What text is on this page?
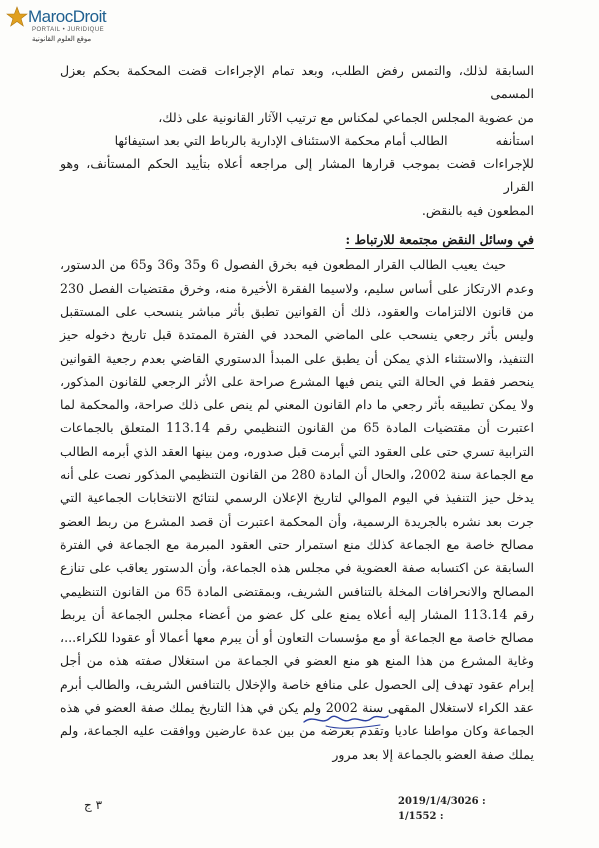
MarocDroit
PORTAIL • JURIDIQUE
موقع العلوم القانونية

السابقة لذلك، والتمس رفض الطلب، وبعد تمام الإجراءات قضت المحكمة بحكم بعزل المسمى
من عضوية المجلس الجماعي لمكناس مع ترتيب الآثار القانونية على ذلك،

استأنفهالطالب أمام محكمة الاستئناف الإدارية بالرباط التي بعد استيفائها
للإجراءات قضت بموجب قرارها المشار إلى مراجعه أعلاه بتأييد الحكم المستأنف، وهو القرار
المطعون فيه بالنقض.

في وسائل النقض مجتمعة للارتباط :

حيث يعيب الطالب القرار المطعون فيه بخرق الفصول 6 و35 و36 و65 من الدستور، وعدم الارتكاز على أساس سليم، ولاسيما الفقرة الأخيرة منه، وخرق مقتضيات الفصل 230 من قانون الالتزامات والعقود، ذلك أن القوانين تطبق بأثر مباشر ينسحب على المستقبل وليس بأثر رجعي ينسحب على الماضي المحدد في الفترة الممتدة قبل تاريخ دخوله حيز التنفيذ، والاستثناء الذي يمكن أن يطبق على المبدأ الدستوري القاضي بعدم رجعية القوانين ينحصر فقط في الحالة التي ينص فيها المشرع صراحة على الأثر الرجعي للقانون المذكور، ولا يمكن تطبيقه بأثر رجعي ما دام القانون المعني لم ينص على ذلك صراحة، والمحكمة لما اعتبرت أن مقتضيات المادة 65 من القانون التنظيمي رقم 113.14 المتعلق بالجماعات الترابية تسري حتى على العقود التي أبرمت قبل صدوره، ومن بينها العقد الذي أبرمه الطالب مع الجماعة سنة 2002، والحال أن المادة 280 من القانون التنظيمي المذكور نصت على أنه يدخل حيز التنفيذ في اليوم الموالي لتاريخ الإعلان الرسمي لنتائج الانتخابات الجماعية التي جرت بعد نشره بالجريدة الرسمية، وأن المحكمة اعتبرت أن قصد المشرع من ربط العضو مصالح خاصة مع الجماعة كذلك منع استمرار حتى العقود المبرمة مع الجماعة في الفترة السابقة عن اكتسابه صفة العضوية في مجلس هذه الجماعة، وأن الدستور يعاقب على تنازع المصالح والانحرافات المخلة بالتنافس الشريف، وبمقتضى المادة 65 من القانون التنظيمي رقم 113.14 المشار إليه أعلاه يمنع على كل عضو من أعضاء مجلس الجماعة أن يربط مصالح خاصة مع الجماعة أو مع مؤسسات التعاون أو أن يبرم معها أعمالا أو عقودا للكراء...، وغاية المشرع من هذا المنع هو منع العضو في الجماعة من استغلال صفته هذه من أجل إبرام عقود تهدف إلى الحصول على منافع خاصة والإخلال بالتنافس الشريف، والطالب أبرم عقد الكراء لاستغلال المقهى سنة 2002 ولم يكن في هذا التاريخ يملك صفة العضو في هذه الجماعة وكان مواطنا عاديا وتقدم بعرضه من بين عدة عارضين ووافقت عليه الجماعة، ولم يملك صفة العضو بالجماعة إلا بعد مرور

2019/1/4/3026 :
1/1552 :
٣ ج
